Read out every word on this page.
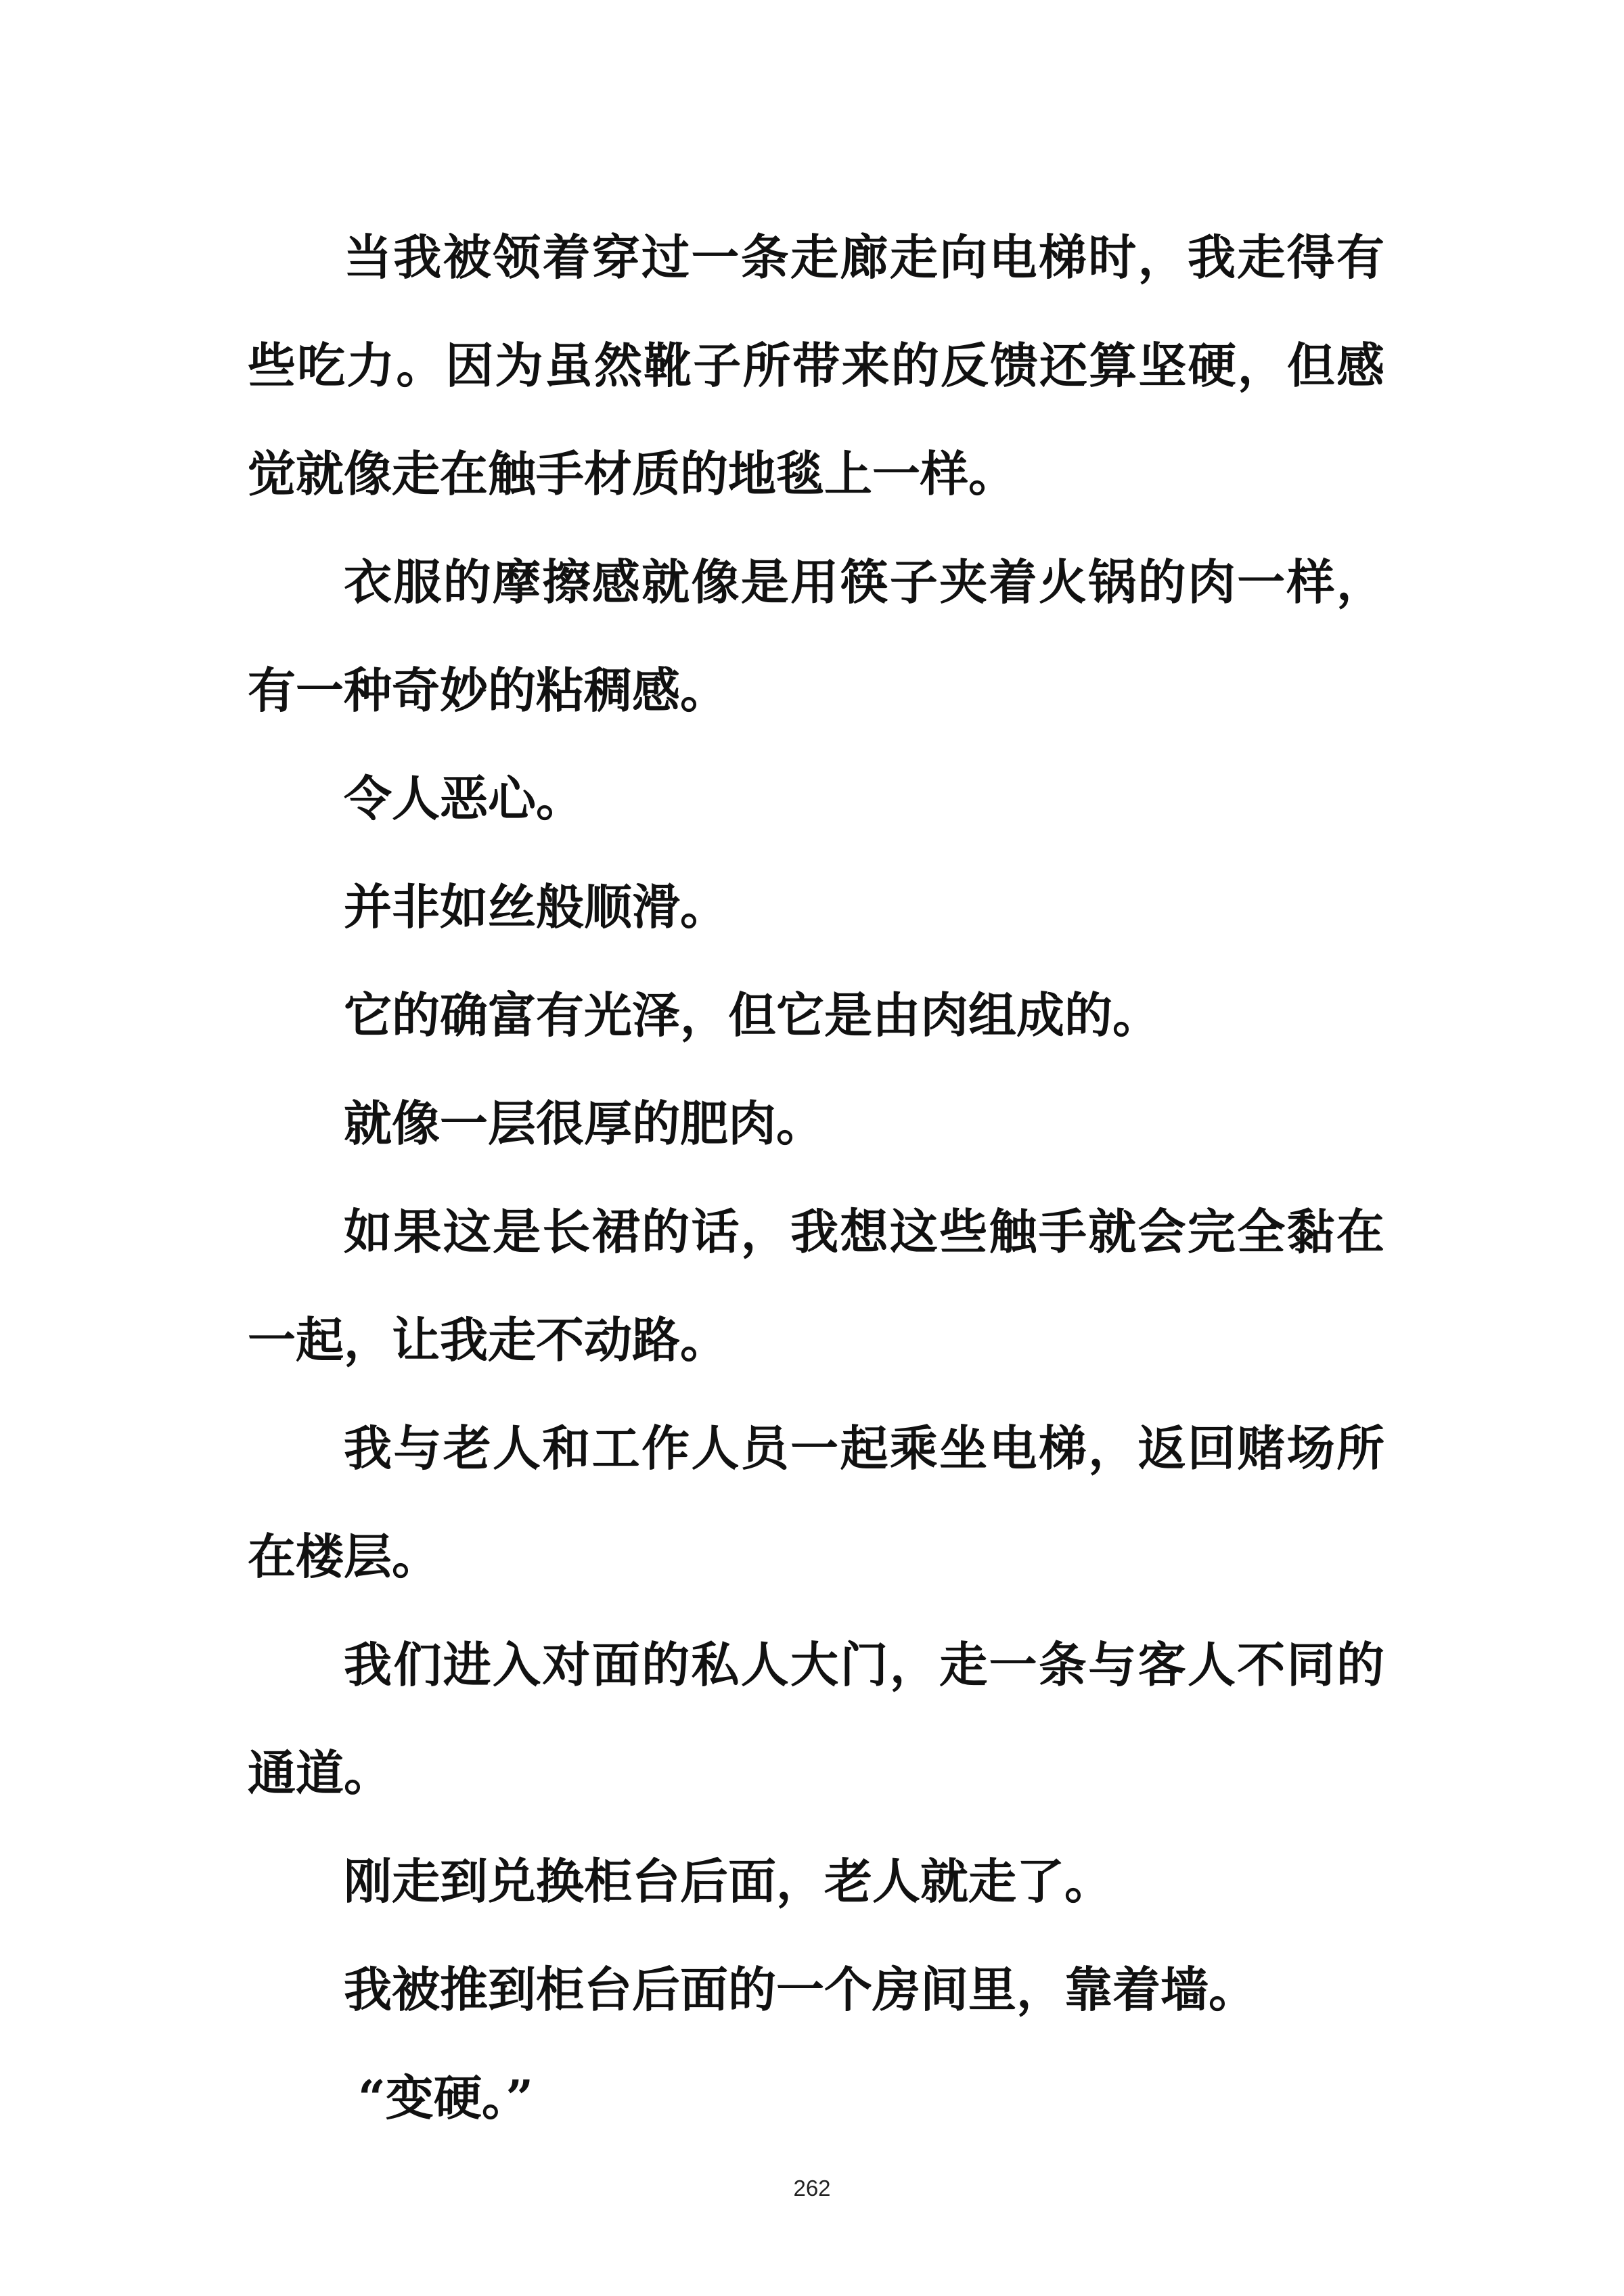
当我被领着穿过一条走廊走向电梯时，我走得有些吃力。因为虽然靴子所带来的反馈还算坚硬，但感觉就像走在触手材质的地毯上一样。

衣服的摩擦感就像是用筷子夹着火锅的肉一样，有一种奇妙的粘稠感。

令人恶心。

并非如丝般顺滑。

它的确富有光泽，但它是由肉组成的。

就像一层很厚的肥肉。

如果这是长裙的话，我想这些触手就会完全黏在一起，让我走不动路。

我与老人和工作人员一起乘坐电梯，返回赌场所在楼层。

我们进入对面的私人大门，走一条与客人不同的通道。

刚走到兑换柜台后面，老人就走了。

我被推到柜台后面的一个房间里，靠着墙。

“变硬。”

262
